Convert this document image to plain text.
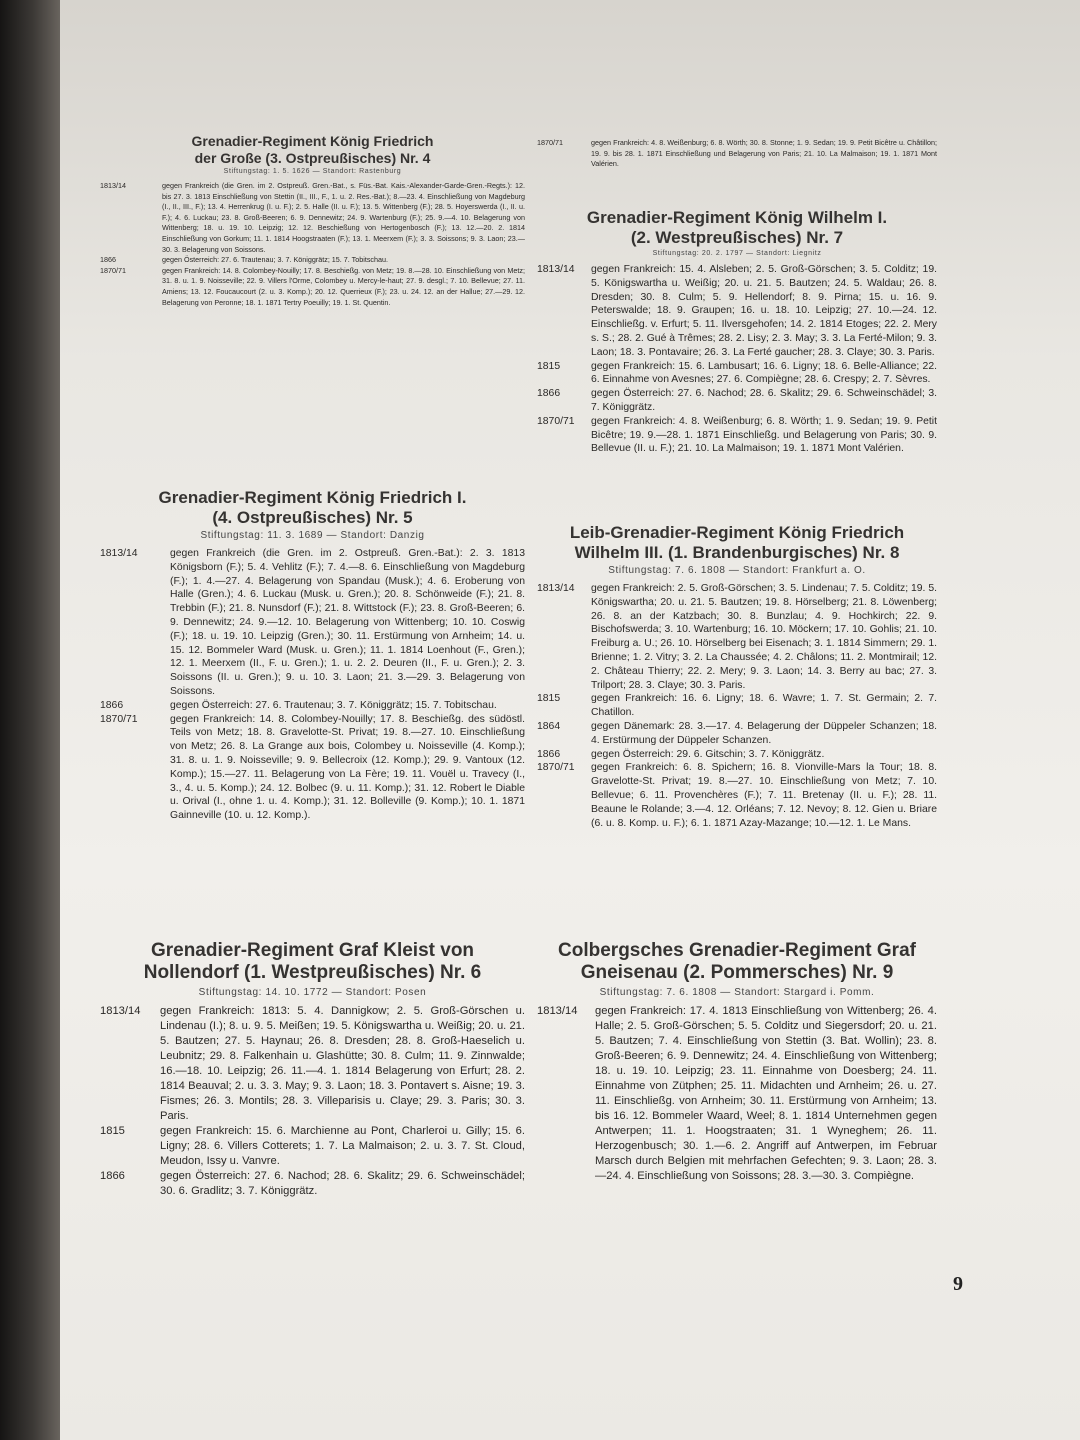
Grenadier-Regiment König Friedrich

der Große (3. Ostpreußisches) Nr. 4

Stiftungstag: 1. 5. 1626 — Standort: Rastenburg
1813/14	gegen Frankreich (die Gren. im 2. Ostpreuß. Gren.-Bat., s. Füs.-Bat. Kais.-Alexander-Garde-Gren.-Regts.): 12. bis 27. 3. 1813 Einschließung von Stettin (II., III., F., 1. u. 2. Res.-Bat.); 8.—23. 4. Einschließung von Magdeburg (I., II., III., F.); 13. 4. Herrenkrug (I. u. F.); 2. 5. Halle (II. u. F.); 13. 5. Wittenberg (F.); 28. 5. Hoyerswerda (I., II. u. F.); 4. 6. Luckau; 23. 8. Groß-Beeren; 6. 9. Dennewitz; 24. 9. Wartenburg (F.); 25. 9.—4. 10. Belagerung von Wittenberg; 18. u. 19. 10. Leipzig; 12. 12. Beschießung von Hertogenbosch (F.); 13. 12.—20. 2. 1814 Einschließung von Gorkum; 11. 1. 1814 Hoogstraaten (F.); 13. 1. Meerxem (F.); 3. 3. Soissons; 9. 3. Laon; 23.—30. 3. Belagerung von Soissons.
1866	gegen Österreich: 27. 6. Trautenau; 3. 7. Königgrätz; 15. 7. Tobitschau.
1870/71	gegen Frankreich: 14. 8. Colombey-Nouilly; 17. 8. Beschießg. von Metz; 19. 8.—28. 10. Einschließung von Metz; 31. 8. u. 1. 9. Noisseville; 22. 9. Villers l'Orme, Colombey u. Mercy-le-haut; 27. 9. desgl.; 7. 10. Bellevue; 27. 11. Amiens; 13. 12. Foucaucourt (2. u. 3. Komp.); 20. 12. Querrieux (F.); 23. u. 24. 12. an der Hallue; 27.—29. 12. Belagerung von Peronne; 18. 1. 1871 Tertry Poeuilly; 19. 1. St. Quentin.

Grenadier-Regiment König Friedrich I.

(4. Ostpreußisches) Nr. 5

Stiftungstag: 11. 3. 1689 — Standort: Danzig
1813/14	gegen Frankreich (die Gren. im 2. Ostpreuß. Gren.-Bat.): 2. 3. 1813 Königsborn (F.); 5. 4. Vehlitz (F.); 7. 4.—8. 6. Einschließung von Magdeburg (F.); 1. 4.—27. 4. Belagerung von Spandau (Musk.); 4. 6. Eroberung von Halle (Gren.); 4. 6. Luckau (Musk. u. Gren.); 20. 8. Schönweide (F.); 21. 8. Trebbin (F.); 21. 8. Nunsdorf (F.); 21. 8. Wittstock (F.); 23. 8. Groß-Beeren; 6. 9. Dennewitz; 24. 9.—12. 10. Belagerung von Wittenberg; 10. 10. Coswig (F.); 18. u. 19. 10. Leipzig (Gren.); 30. 11. Erstürmung von Arnheim; 14. u. 15. 12. Bommeler Ward (Musk. u. Gren.); 11. 1. 1814 Loenhout (F., Gren.); 12. 1. Meerxem (II., F. u. Gren.); 1. u. 2. 2. Deuren (II., F. u. Gren.); 2. 3. Soissons (II. u. Gren.); 9. u. 10. 3. Laon; 21. 3.—29. 3. Belagerung von Soissons.
1866	gegen Österreich: 27. 6. Trautenau; 3. 7. Königgrätz; 15. 7. Tobitschau.
1870/71	gegen Frankreich: 14. 8. Colombey-Nouilly; 17. 8. Beschießg. des südöstl. Teils von Metz; 18. 8. Gravelotte-St. Privat; 19. 8.—27. 10. Einschließung von Metz; 26. 8. La Grange aux bois, Colombey u. Noisseville (4. Komp.); 31. 8. u. 1. 9. Noisseville; 9. 9. Bellecroix (12. Komp.); 29. 9. Vantoux (12. Komp.); 15.—27. 11. Belagerung von La Fère; 19. 11. Vouël u. Travecy (I., 3., 4. u. 5. Komp.); 24. 12. Bolbec (9. u. 11. Komp.); 31. 12. Robert le Diable u. Orival (I., ohne 1. u. 4. Komp.); 31. 12. Bolleville (9. Komp.); 10. 1. 1871 Gainneville (10. u. 12. Komp.).

Grenadier-Regiment Graf Kleist von

Nollendorf (1. Westpreußisches) Nr. 6

Stiftungstag: 14. 10. 1772 — Standort: Posen
1813/14	gegen Frankreich: 1813: 5. 4. Dannigkow; 2. 5. Groß-Görschen u. Lindenau (I.); 8. u. 9. 5. Meißen; 19. 5. Königswartha u. Weißig; 20. u. 21. 5. Bautzen; 27. 5. Haynau; 26. 8. Dresden; 28. 8. Groß-Haeselich u. Leubnitz; 29. 8. Falkenhain u. Glashütte; 30. 8. Culm; 11. 9. Zinnwalde; 16.—18. 10. Leipzig; 26. 11.—4. 1. 1814 Belagerung von Erfurt; 28. 2. 1814 Beauval; 2. u. 3. 3. May; 9. 3. Laon; 18. 3. Pontavert s. Aisne; 19. 3. Fismes; 26. 3. Montils; 28. 3. Villeparisis u. Claye; 29. 3. Paris; 30. 3. Paris.
1815	gegen Frankreich: 15. 6. Marchienne au Pont, Charleroi u. Gilly; 15. 6. Ligny; 28. 6. Villers Cotterets; 1. 7. La Malmaison; 2. u. 3. 7. St. Cloud, Meudon, Issy u. Vanvre.
1866	gegen Österreich: 27. 6. Nachod; 28. 6. Skalitz; 29. 6. Schweinschädel; 30. 6. Gradlitz; 3. 7. Königgrätz.
1870/71	gegen Frankreich: 4. 8. Weißenburg; 6. 8. Wörth; 30. 8. Stonne; 1. 9. Sedan; 19. 9. Petit Bicêtre u. Châtillon; 19. 9. bis 28. 1. 1871 Einschließung und Belagerung von Paris; 21. 10. La Malmaison; 19. 1. 1871 Mont Valérien.

Grenadier-Regiment König Wilhelm I.

(2. Westpreußisches) Nr. 7

Stiftungstag: 20. 2. 1797 — Standort: Liegnitz
1813/14	gegen Frankreich: 15. 4. Alsleben; 2. 5. Groß-Görschen; 3. 5. Colditz; 19. 5. Königswartha u. Weißig; 20. u. 21. 5. Bautzen; 24. 5. Waldau; 26. 8. Dresden; 30. 8. Culm; 5. 9. Hellendorf; 8. 9. Pirna; 15. u. 16. 9. Peterswalde; 18. 9. Graupen; 16. u. 18. 10. Leipzig; 27. 10.—24. 12. Einschließg. v. Erfurt; 5. 11. Ilversgehofen; 14. 2. 1814 Etoges; 22. 2. Mery s. S.; 28. 2. Gué à Trêmes; 28. 2. Lisy; 2. 3. May; 3. 3. La Ferté-Milon; 9. 3. Laon; 18. 3. Pontavaire; 26. 3. La Ferté gaucher; 28. 3. Claye; 30. 3. Paris.
1815	gegen Frankreich: 15. 6. Lambusart; 16. 6. Ligny; 18. 6. Belle-Alliance; 22. 6. Einnahme von Avesnes; 27. 6. Compiègne; 28. 6. Crespy; 2. 7. Sèvres.
1866	gegen Österreich: 27. 6. Nachod; 28. 6. Skalitz; 29. 6. Schweinschädel; 3. 7. Königgrätz.
1870/71	gegen Frankreich: 4. 8. Weißenburg; 6. 8. Wörth; 1. 9. Sedan; 19. 9. Petit Bicêtre; 19. 9.—28. 1. 1871 Einschließg. und Belagerung von Paris; 30. 9. Bellevue (II. u. F.); 21. 10. La Malmaison; 19. 1. 1871 Mont Valérien.

Leib-Grenadier-Regiment König Friedrich

Wilhelm III. (1. Brandenburgisches) Nr. 8

Stiftungstag: 7. 6. 1808 — Standort: Frankfurt a. O.
1813/14	gegen Frankreich: 2. 5. Groß-Görschen; 3. 5. Lindenau; 7. 5. Colditz; 19. 5. Königswartha; 20. u. 21. 5. Bautzen; 19. 8. Hörselberg; 21. 8. Löwenberg; 26. 8. an der Katzbach; 30. 8. Bunzlau; 4. 9. Hochkirch; 22. 9. Bischofswerda; 3. 10. Wartenburg; 16. 10. Möckern; 17. 10. Gohlis; 21. 10. Freiburg a. U.; 26. 10. Hörselberg bei Eisenach; 3. 1. 1814 Simmern; 29. 1. Brienne; 1. 2. Vitry; 3. 2. La Chaussée; 4. 2. Châlons; 11. 2. Montmirail; 12. 2. Château Thierry; 22. 2. Mery; 9. 3. Laon; 14. 3. Berry au bac; 27. 3. Trilport; 28. 3. Claye; 30. 3. Paris.
1815	gegen Frankreich: 16. 6. Ligny; 18. 6. Wavre; 1. 7. St. Germain; 2. 7. Chatillon.
1864	gegen Dänemark: 28. 3.—17. 4. Belagerung der Düppeler Schanzen; 18. 4. Erstürmung der Düppeler Schanzen.
1866	gegen Österreich: 29. 6. Gitschin; 3. 7. Königgrätz.
1870/71	gegen Frankreich: 6. 8. Spichern; 16. 8. Vionville-Mars la Tour; 18. 8. Gravelotte-St. Privat; 19. 8.—27. 10. Einschließung von Metz; 7. 10. Bellevue; 6. 11. Provenchères (F.); 7. 11. Bretenay (II. u. F.); 28. 11. Beaune le Rolande; 3.—4. 12. Orléans; 7. 12. Nevoy; 8. 12. Gien u. Briare (6. u. 8. Komp. u. F.); 6. 1. 1871 Azay-Mazange; 10.—12. 1. Le Mans.

Colbergsches Grenadier-Regiment Graf

Gneisenau (2. Pommersches) Nr. 9

Stiftungstag: 7. 6. 1808 — Standort: Stargard i. Pomm.
1813/14	gegen Frankreich: 17. 4. 1813 Einschließung von Wittenberg; 26. 4. Halle; 2. 5. Groß-Görschen; 5. 5. Colditz und Siegersdorf; 20. u. 21. 5. Bautzen; 7. 4. Einschließung von Stettin (3. Bat. Wollin); 23. 8. Groß-Beeren; 6. 9. Dennewitz; 24. 4. Einschließung von Wittenberg; 18. u. 19. 10. Leipzig; 23. 11. Einnahme von Doesberg; 24. 11. Einnahme von Zütphen; 25. 11. Midachten und Arnheim; 26. u. 27. 11. Einschließg. von Arnheim; 30. 11. Erstürmung von Arnheim; 13. bis 16. 12. Bommeler Waard, Weel; 8. 1. 1814 Unternehmen gegen Antwerpen; 11. 1. Hoogstraaten; 31. 1 Wyneghem; 26. 11. Herzogenbusch; 30. 1.—6. 2. Angriff auf Antwerpen, im Februar Marsch durch Belgien mit mehrfachen Gefechten; 9. 3. Laon; 28. 3.—24. 4. Einschließung von Soissons; 28. 3.—30. 3. Compiègne.
9
